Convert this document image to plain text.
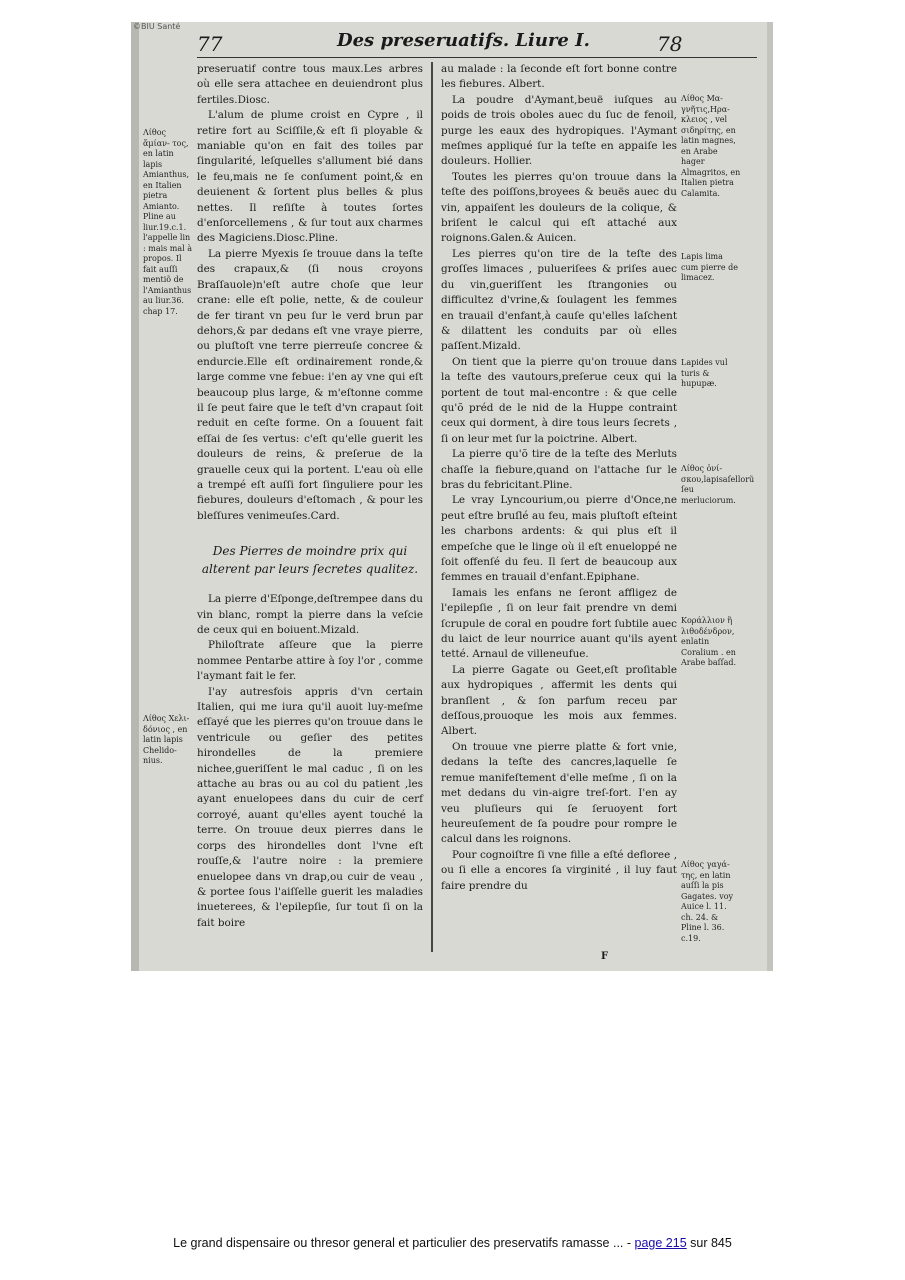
©BIU Santé
77	Des preseruatifs. Liure I.	78

preseruatif contre tous maux.Les arbres où elle sera attachee en deuiendront plus fertiles.Diosc.

L'alum de plume croist en Cypre , il retire fort au Sciſſile,& eſt ſi ployable & maniable qu'on en fait des toiles par ſingularité, leſquelles s'allument bié dans le feu,mais ne ſe conſument point,& en deuienent & ſortent plus belles & plus nettes. Il reſiſte à toutes ſortes d'enſorcellemens , & ſur tout aux charmes des Magiciens.Diosc.Pline.

La pierre Myexis ſe trouue dans la teſte des crapaux,& (ſi nous croyons Braſſauole)n'eſt autre choſe que leur crane: elle eſt polie, nette, & de couleur de fer tirant vn peu ſur le verd brun par dehors,& par dedans eſt vne vraye pierre, ou pluſtoſt vne terre pierreuſe concree & endurcie.Elle eſt ordinairement ronde,& large comme vne febue: i'en ay vne qui eſt beaucoup plus large, & m'eſtonne comme il ſe peut faire que le teſt d'vn crapaut ſoit reduit en ceſte forme. On a ſouuent fait eſſai de ſes vertus: c'eſt qu'elle guerit les douleurs de reins, & preſerue de la grauelle ceux qui la portent. L'eau où elle a trempé eſt auſſi fort ſinguliere pour les fiebures, douleurs d'eſtomach , & pour les bleſſures venimeuſes.Card.

Des Pierres de moindre prix qui alterent par leurs ſecretes qualitez.

La pierre d'Eſponge,deſtrempee dans du vin blanc, rompt la pierre dans la veſcie de ceux qui en boiuent.Mizald.

Philoſtrate aſſeure que la pierre nommee Pentarbe attire à ſoy l'or , comme l'aymant fait le fer.

I'ay autresfois appris d'vn certain Italien, qui me iura qu'il auoit luy-meſme eſſayé que les pierres qu'on trouue dans le ventricule ou geſier des petites hirondelles de la premiere nichee,gueriſſent le mal caduc , ſi on les attache au bras ou au col du patient ,les ayant enuelopees dans du cuir de cerf corroyé, auant qu'elles ayent touché la terre. On trouue deux pierres dans le corps des hirondelles dont l'vne eſt rouſſe,& l'autre noire : la premiere enuelopee dans vn drap,ou cuir de veau , & portee ſous l'aiſſelle guerit les maladies inueterees, & l'epilepſie, ſur tout ſi on la fait boire

au malade : la ſeconde eſt fort bonne contre les fiebures. Albert.

La poudre d'Aymant,beuë iuſques au poids de trois oboles auec du ſuc de fenoil, purge les eaux des hydropiques. l'Aymant meſmes appliqué ſur la teſte en appaiſe les douleurs. Hollier.

Toutes les pierres qu'on trouue dans la teſte des poiſſons,broyees & beuës auec du vin, appaiſent les douleurs de la colique, & briſent le calcul qui eſt attaché aux roignons.Galen.& Auicen.

Les pierres qu'on tire de la teſte des groſſes limaces , pulueriſees & priſes auec du vin,gueriſſent les ſtrangonies ou difficultez d'vrine,& ſoulagent les femmes en trauail d'enfant,à cauſe qu'elles laſchent & dilattent les conduits par où elles paſſent.Mizald.

On tient que la pierre qu'on trouue dans la teſte des vautours,preſerue ceux qui la portent de tout mal-encontre : & que celle qu'õ préd de le nid de la Huppe contraint ceux qui dorment, à dire tous leurs ſecrets , ſi on leur met ſur la poictrine. Albert.

La pierre qu'õ tire de la teſte des Merluts chaſſe la fiebure,quand on l'attache ſur le bras du febricitant.Pline.

Le vray Lyncourium,ou pierre d'Once,ne peut eſtre bruſlé au feu, mais pluſtoſt eſteint les charbons ardents: & qui plus eſt il empeſche que le linge où il eſt enueloppé ne ſoit offenſé du feu. Il ſert de beaucoup aux femmes en trauail d'enfant.Epiphane.

Iamais les enfans ne ſeront affligez de l'epilepſie , ſi on leur fait prendre vn demi ſcrupule de coral en poudre fort ſubtile auec du laict de leur nourrice auant qu'ils ayent tetté. Arnaul de villeneufue.

La pierre Gagate ou Geet,eſt proſitable aux hydropiques , affermit les dents qui branſlent , & ſon parfum receu par deſſous,prouoque les mois aux femmes. Albert.

On trouue vne pierre platte & fort vnie, dedans la teſte des cancres,laquelle ſe remue manifeſtement d'elle meſme , ſi on la met dedans du vin-aigre treſ-fort. I'en ay veu pluſieurs qui ſe ſeruoyent fort heureuſement de ſa poudre pour rompre le calcul dans les roignons.

Pour cognoiſtre ſi vne fille a eſté defloree , ou ſi elle a encores ſa virginité , il luy faut faire prendre du

Λίθος ἄμίαν- τος, en latin lapis Amianthus, en Italien pietra Amianto. Pline au liur.19.c.1. l'appelle lin : mais mal à propos. Il fait auſſi mentiõ de l'Amianthus au liur.36. chap 17.
Λίθος Χελι- δόνιος , en latin lapis Chelido- nius.
Λίθος Μα- γνῆτις,Ηρα- κλειος , vel σιδηρίτης, en latin magnes, en Arabe hager Almagritos, en Italien pietra Calamita.
Lapis lima cum pierre de limacez.
Lapides vul turis & hupupæ.
Λίθος ὀνί- σκου,lapisaſellorũ ſeu merluciorum.
Κοράλλιον ἢ λιθοδένδρον, enlatin Coralium . en Arabe baſſad.
Λίθος γαγά- της, en latin auſſi la pis Gagates. voy Auice l. 11. ch. 24. & Pline l. 36. c.19.
F
Le grand dispensaire ou thresor general et particulier des preservatifs ramasse ... - page 215 sur 845
